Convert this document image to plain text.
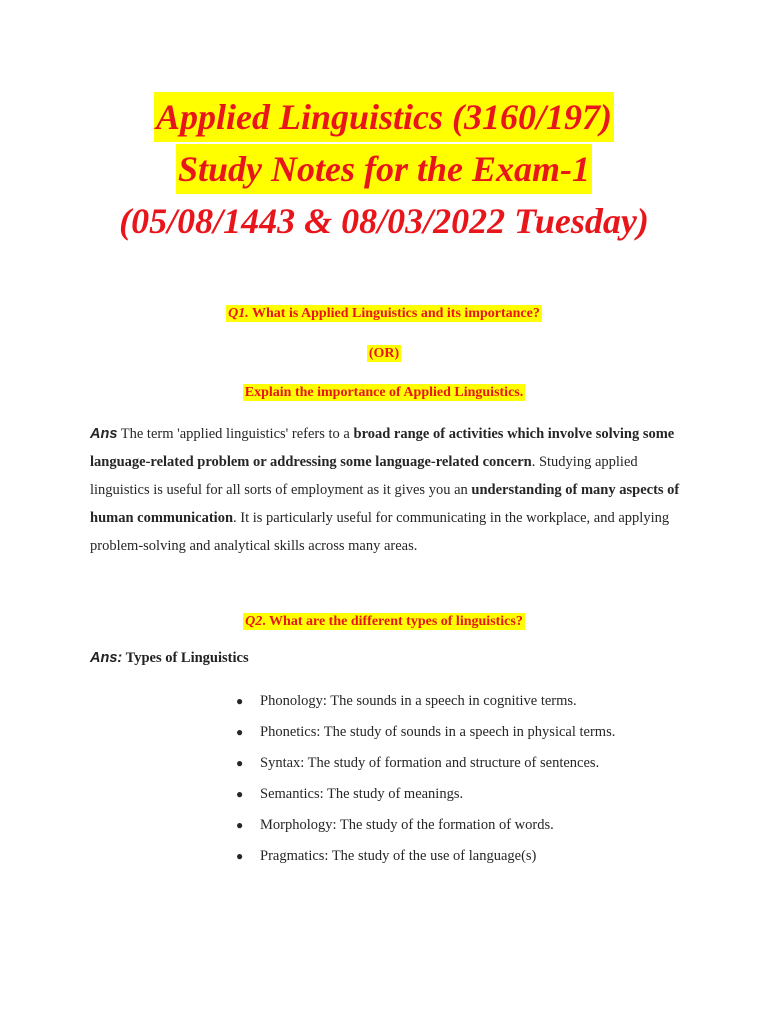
Applied Linguistics (3160/197)
Study Notes for the Exam-1
(05/08/1443 & 08/03/2022 Tuesday)
Q1. What is Applied Linguistics and its importance?
(OR)
Explain the importance of Applied Linguistics.
Ans The term 'applied linguistics' refers to a broad range of activities which involve solving some language-related problem or addressing some language-related concern. Studying applied linguistics is useful for all sorts of employment as it gives you an understanding of many aspects of human communication. It is particularly useful for communicating in the workplace, and applying problem-solving and analytical skills across many areas.
Q2. What are the different types of linguistics?
Ans: Types of Linguistics
● Phonology: The sounds in a speech in cognitive terms.
● Phonetics: The study of sounds in a speech in physical terms.
● Syntax: The study of formation and structure of sentences.
● Semantics: The study of meanings.
● Morphology: The study of the formation of words.
● Pragmatics: The study of the use of language(s)
